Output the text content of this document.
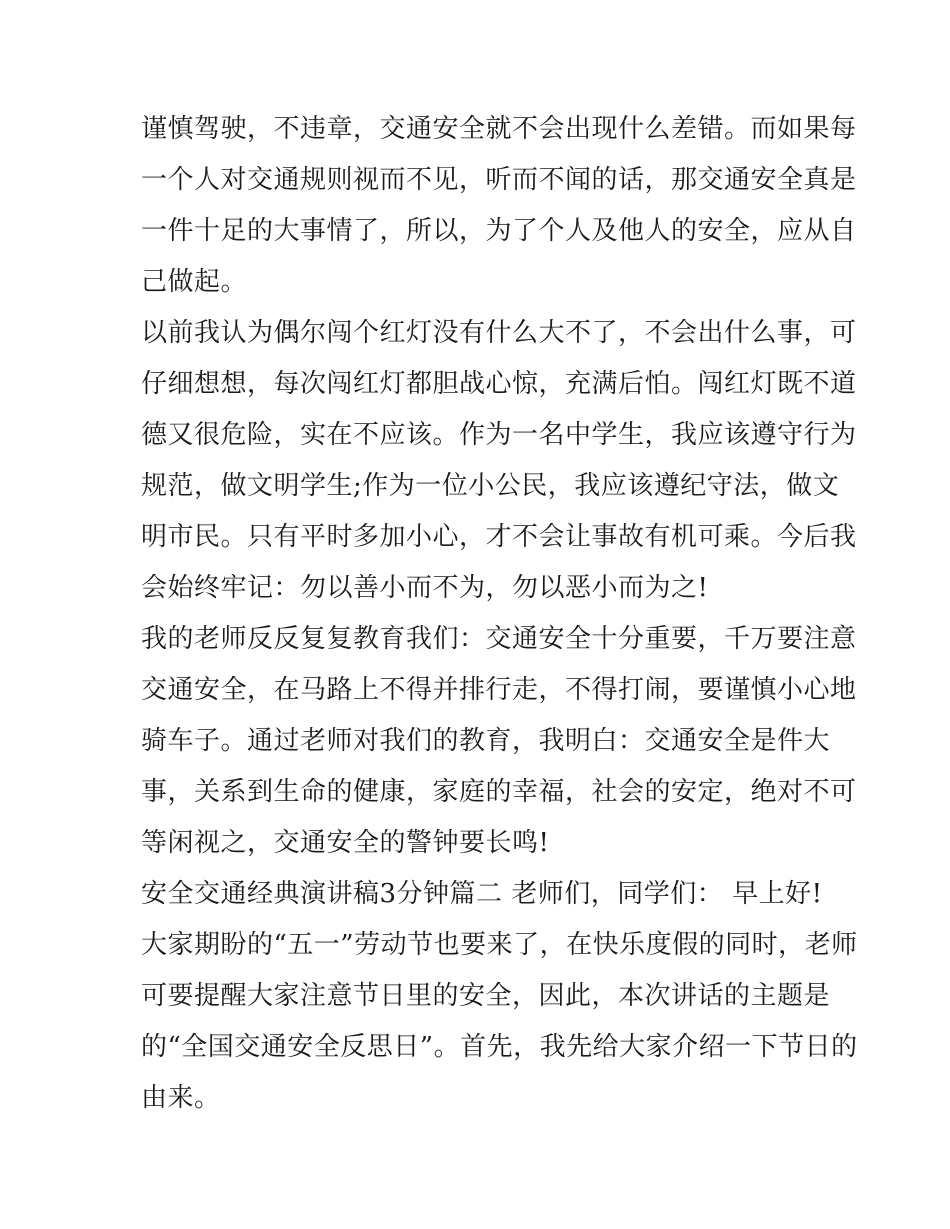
谨慎驾驶，不违章，交通安全就不会出现什么差错。而如果每
一个人对交通规则视而不见，听而不闻的话，那交通安全真是
一件十足的大事情了，所以，为了个人及他人的安全，应从自
己做起。
以前我认为偶尔闯个红灯没有什么大不了，不会出什么事，可
仔细想想，每次闯红灯都胆战心惊，充满后怕。闯红灯既不道
德又很危险，实在不应该。作为一名中学生，我应该遵守行为
规范，做文明学生;作为一位小公民，我应该遵纪守法，做文
明市民。只有平时多加小心，才不会让事故有机可乘。今后我
会始终牢记：勿以善小而不为，勿以恶小而为之!
我的老师反反复复教育我们：交通安全十分重要，千万要注意
交通安全，在马路上不得并排行走，不得打闹，要谨慎小心地
骑车子。通过老师对我们的教育，我明白：交通安全是件大
事，关系到生命的健康，家庭的幸福，社会的安定，绝对不可
等闲视之，交通安全的警钟要长鸣!
安全交通经典演讲稿3分钟篇二 老师们，同学们： 早上好!
大家期盼的“五一”劳动节也要来了，在快乐度假的同时，老师
可要提醒大家注意节日里的安全，因此，本次讲话的主题是
的“全国交通安全反思日”。首先，我先给大家介绍一下节日的
由来。
